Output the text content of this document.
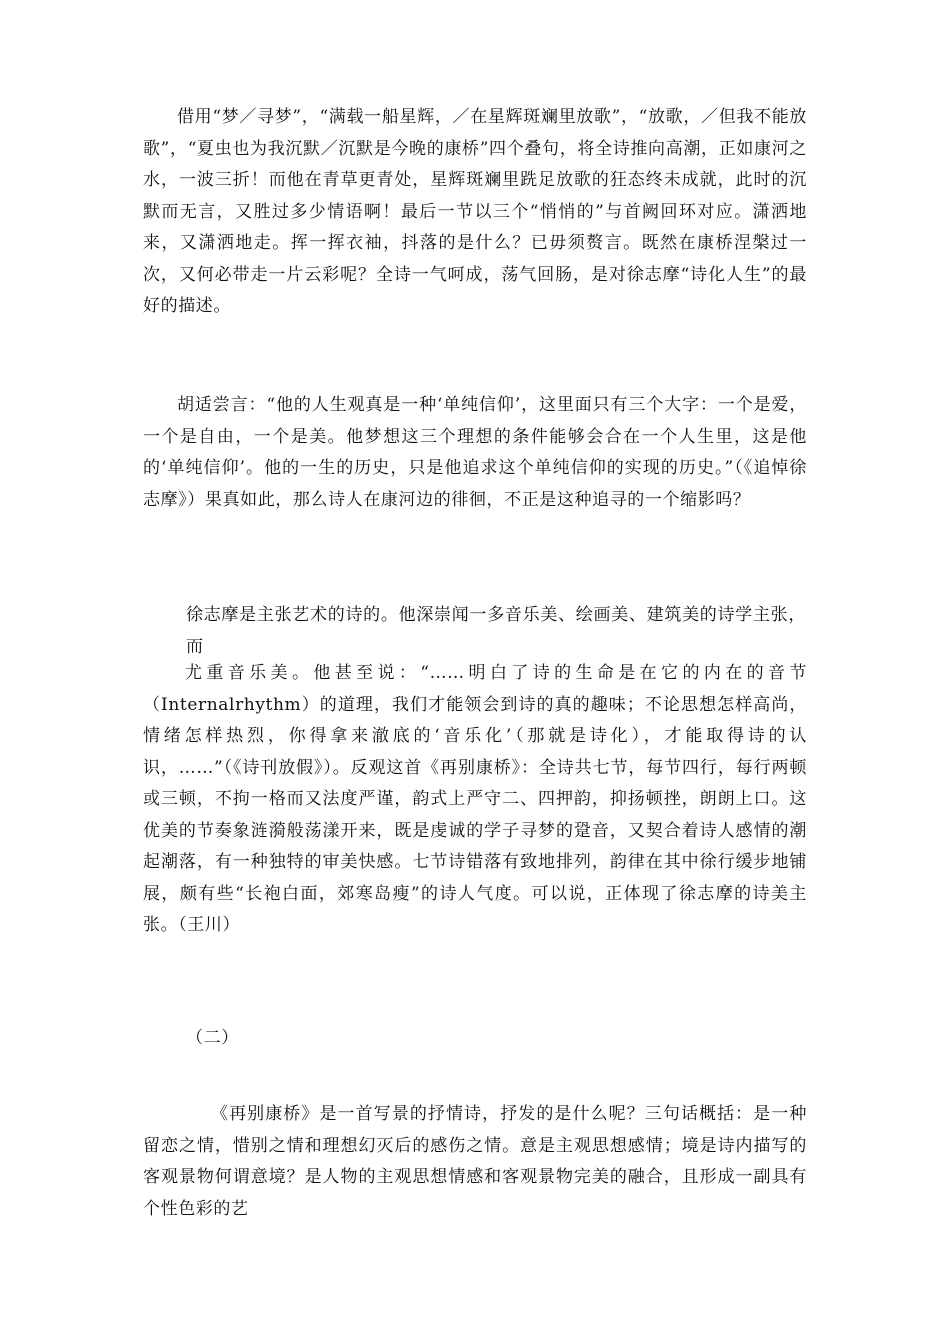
借用“梦／寻梦”，“满载一船星辉，／在星辉斑斓里放歌”，“放歌，／但我不能放歌”，“夏虫也为我沉默／沉默是今晚的康桥”四个叠句，将全诗推向高潮，正如康河之水，一波三折！而他在青草更青处，星辉斑斓里跣足放歌的狂态终未成就，此时的沉默而无言，又胜过多少情语啊！最后一节以三个“悄悄的”与首阙回环对应。潇洒地来，又潇洒地走。挥一挥衣袖，抖落的是什么？已毋须赘言。既然在康桥涅槃过一次，又何必带走一片云彩呢？全诗一气呵成，荡气回肠，是对徐志摩“诗化人生”的最好的描述。

胡适尝言：“他的人生观真是一种‘单纯信仰’，这里面只有三个大字：一个是爱，一个是自由，一个是美。他梦想这三个理想的条件能够会合在一个人生里，这是他的‘单纯信仰’。他的一生的历史，只是他追求这个单纯信仰的实现的历史。”（《追悼徐志摩》）果真如此，那么诗人在康河边的徘徊，不正是这种追寻的一个缩影吗？

徐志摩是主张艺术的诗的。他深崇闻一多音乐美、绘画美、建筑美的诗学主张，而

尤重音乐美。他甚至说：“……明白了诗的生命是在它的内在的音节（Internalrhythm）的道理，我们才能领会到诗的真的趣味；不论思想怎样高尚，情绪怎样热烈，你得拿来澈底的‘音乐化’（那就是诗化），才能取得诗的认识，……”（《诗刊放假》）。反观这首《再别康桥》：全诗共七节，每节四行，每行两顿或三顿，不拘一格而又法度严谨，韵式上严守二、四押韵，抑扬顿挫，朗朗上口。这优美的节奏象涟漪般荡漾开来，既是虔诚的学子寻梦的跫音，又契合着诗人感情的潮起潮落，有一种独特的审美快感。七节诗错落有致地排列，韵律在其中徐行缓步地铺展，颇有些“长袍白面，郊寒岛瘦”的诗人气度。可以说，正体现了徐志摩的诗美主张。（王川）

（二）

《再别康桥》是一首写景的抒情诗，抒发的是什么呢？三句话概括：是一种留恋之情，惜别之情和理想幻灭后的感伤之情。意是主观思想感情；境是诗内描写的客观景物何谓意境？是人物的主观思想情感和客观景物完美的融合，且形成一副具有个性色彩的艺
